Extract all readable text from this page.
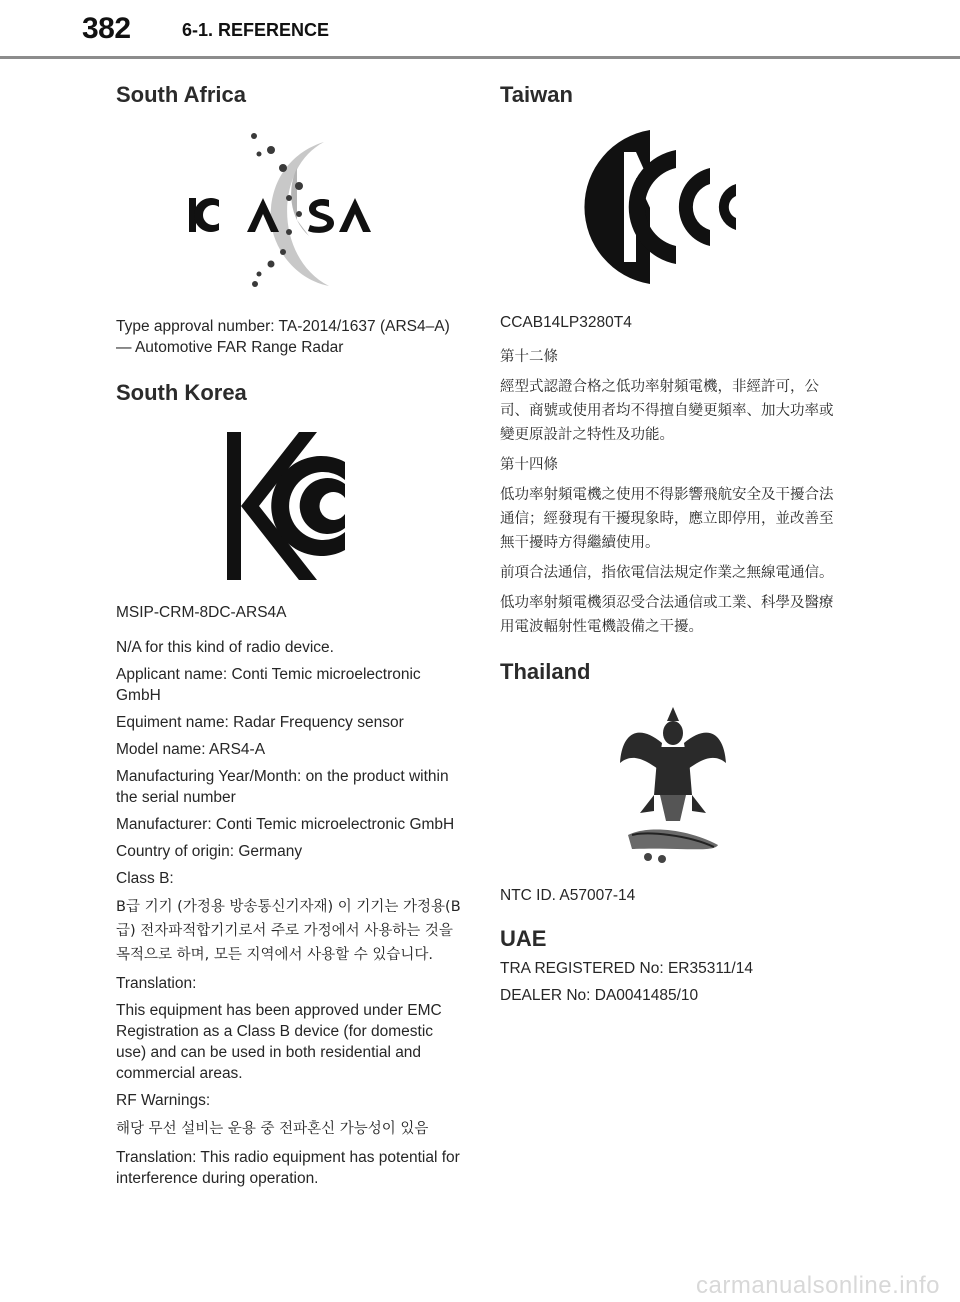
382	6-1. REFERENCE
South Africa

Type approval number: TA-2014/1637 (ARS4–A) — Automotive FAR Range Radar

South Korea

MSIP-CRM-8DC-ARS4A

N/A for this kind of radio device.

Applicant name: Conti Temic microelectronic GmbH

Equiment name: Radar Frequency sensor

Model name: ARS4-A

Manufacturing Year/Month: on the product within the serial number

Manufacturer: Conti Temic microelectronic GmbH

Country of origin: Germany

Class B:

B급 기기 (가정용 방송통신기자재) 이 기기는 가정용(B급) 전자파적합기기로서 주로 가정에서 사용하는 것을 목적으로 하며, 모든 지역에서 사용할 수 있습니다.

Translation:

This equipment has been approved under EMC Registration as a Class B device (for domestic use) and can be used in both residential and commercial areas.

RF Warnings:

해당 무선 설비는 운용 중 전파혼신 가능성이 있음

Translation: This radio equipment has potential for interference during operation.

Taiwan

CCAB14LP3280T4

第十二條

經型式認證合格之低功率射頻電機，非經許可，公司、商號或使用者均不得擅自變更頻率、加大功率或變更原設計之特性及功能。

第十四條

低功率射頻電機之使用不得影響飛航安全及干擾合法通信；經發現有干擾現象時，應立即停用，並改善至無干擾時方得繼續使用。

前項合法通信，指依電信法規定作業之無線電通信。

低功率射頻電機須忍受合法通信或工業、科學及醫療用電波輻射性電機設備之干擾。

Thailand

NTC ID. A57007-14

UAE

TRA REGISTERED No: ER35311/14

DEALER No: DA0041485/10

carmanualsonline.info
